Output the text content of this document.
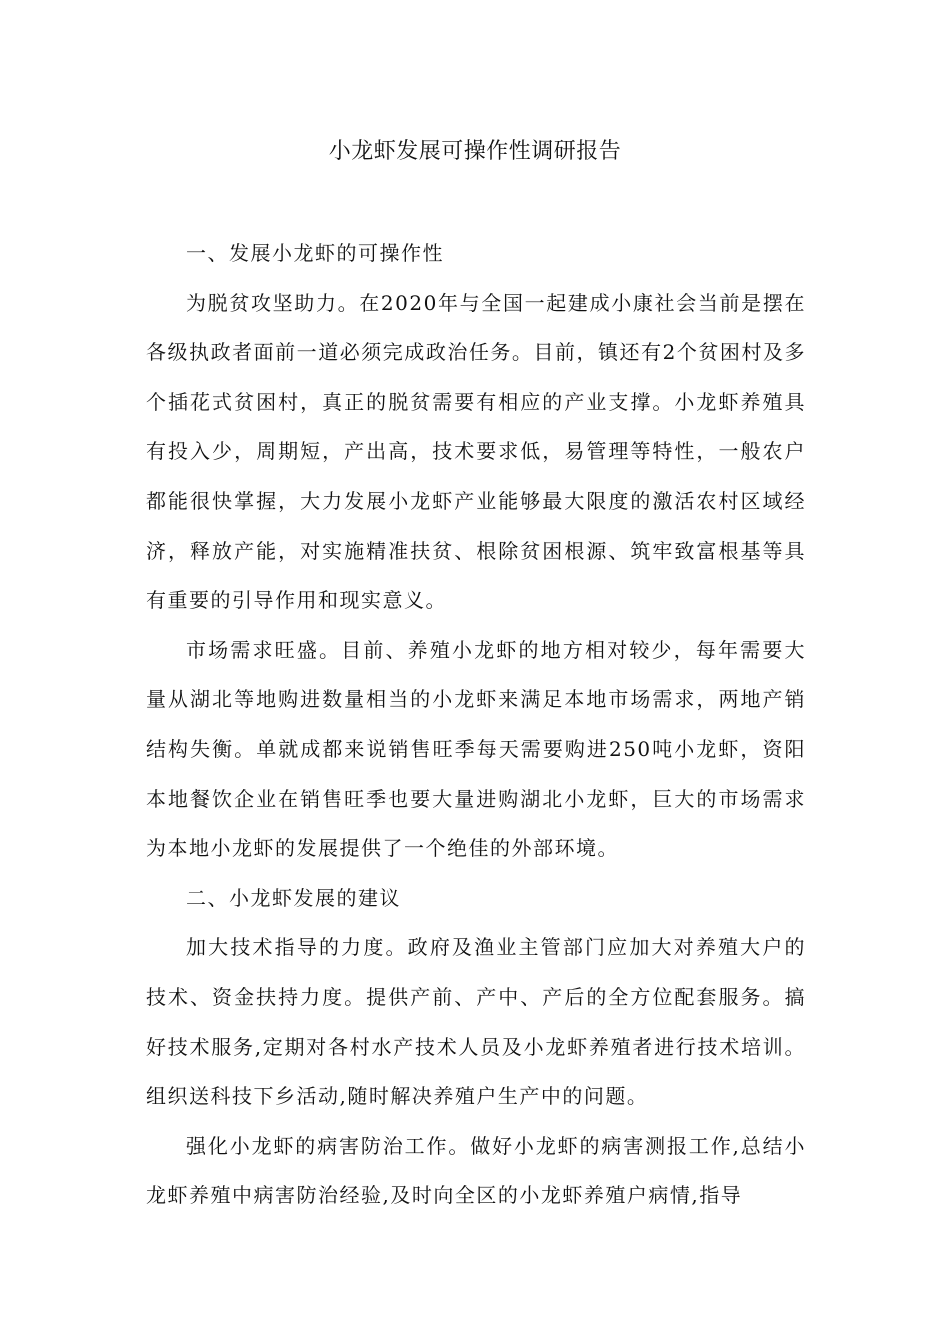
小龙虾发展可操作性调研报告

一、发展小龙虾的可操作性

为脱贫攻坚助力。在2020年与全国一起建成小康社会当前是摆在各级执政者面前一道必须完成政治任务。目前，镇还有2个贫困村及多个插花式贫困村，真正的脱贫需要有相应的产业支撑。小龙虾养殖具有投入少，周期短，产出高，技术要求低，易管理等特性，一般农户都能很快掌握，大力发展小龙虾产业能够最大限度的激活农村区域经济，释放产能，对实施精准扶贫、根除贫困根源、筑牢致富根基等具有重要的引导作用和现实意义。

市场需求旺盛。目前、养殖小龙虾的地方相对较少，每年需要大量从湖北等地购进数量相当的小龙虾来满足本地市场需求，两地产销结构失衡。单就成都来说销售旺季每天需要购进250吨小龙虾，资阳本地餐饮企业在销售旺季也要大量进购湖北小龙虾，巨大的市场需求为本地小龙虾的发展提供了一个绝佳的外部环境。

二、小龙虾发展的建议

加大技术指导的力度。政府及渔业主管部门应加大对养殖大户的技术、资金扶持力度。提供产前、产中、产后的全方位配套服务。搞好技术服务,定期对各村水产技术人员及小龙虾养殖者进行技术培训。组织送科技下乡活动,随时解决养殖户生产中的问题。

强化小龙虾的病害防治工作。做好小龙虾的病害测报工作,总结小龙虾养殖中病害防治经验,及时向全区的小龙虾养殖户病情,指导
